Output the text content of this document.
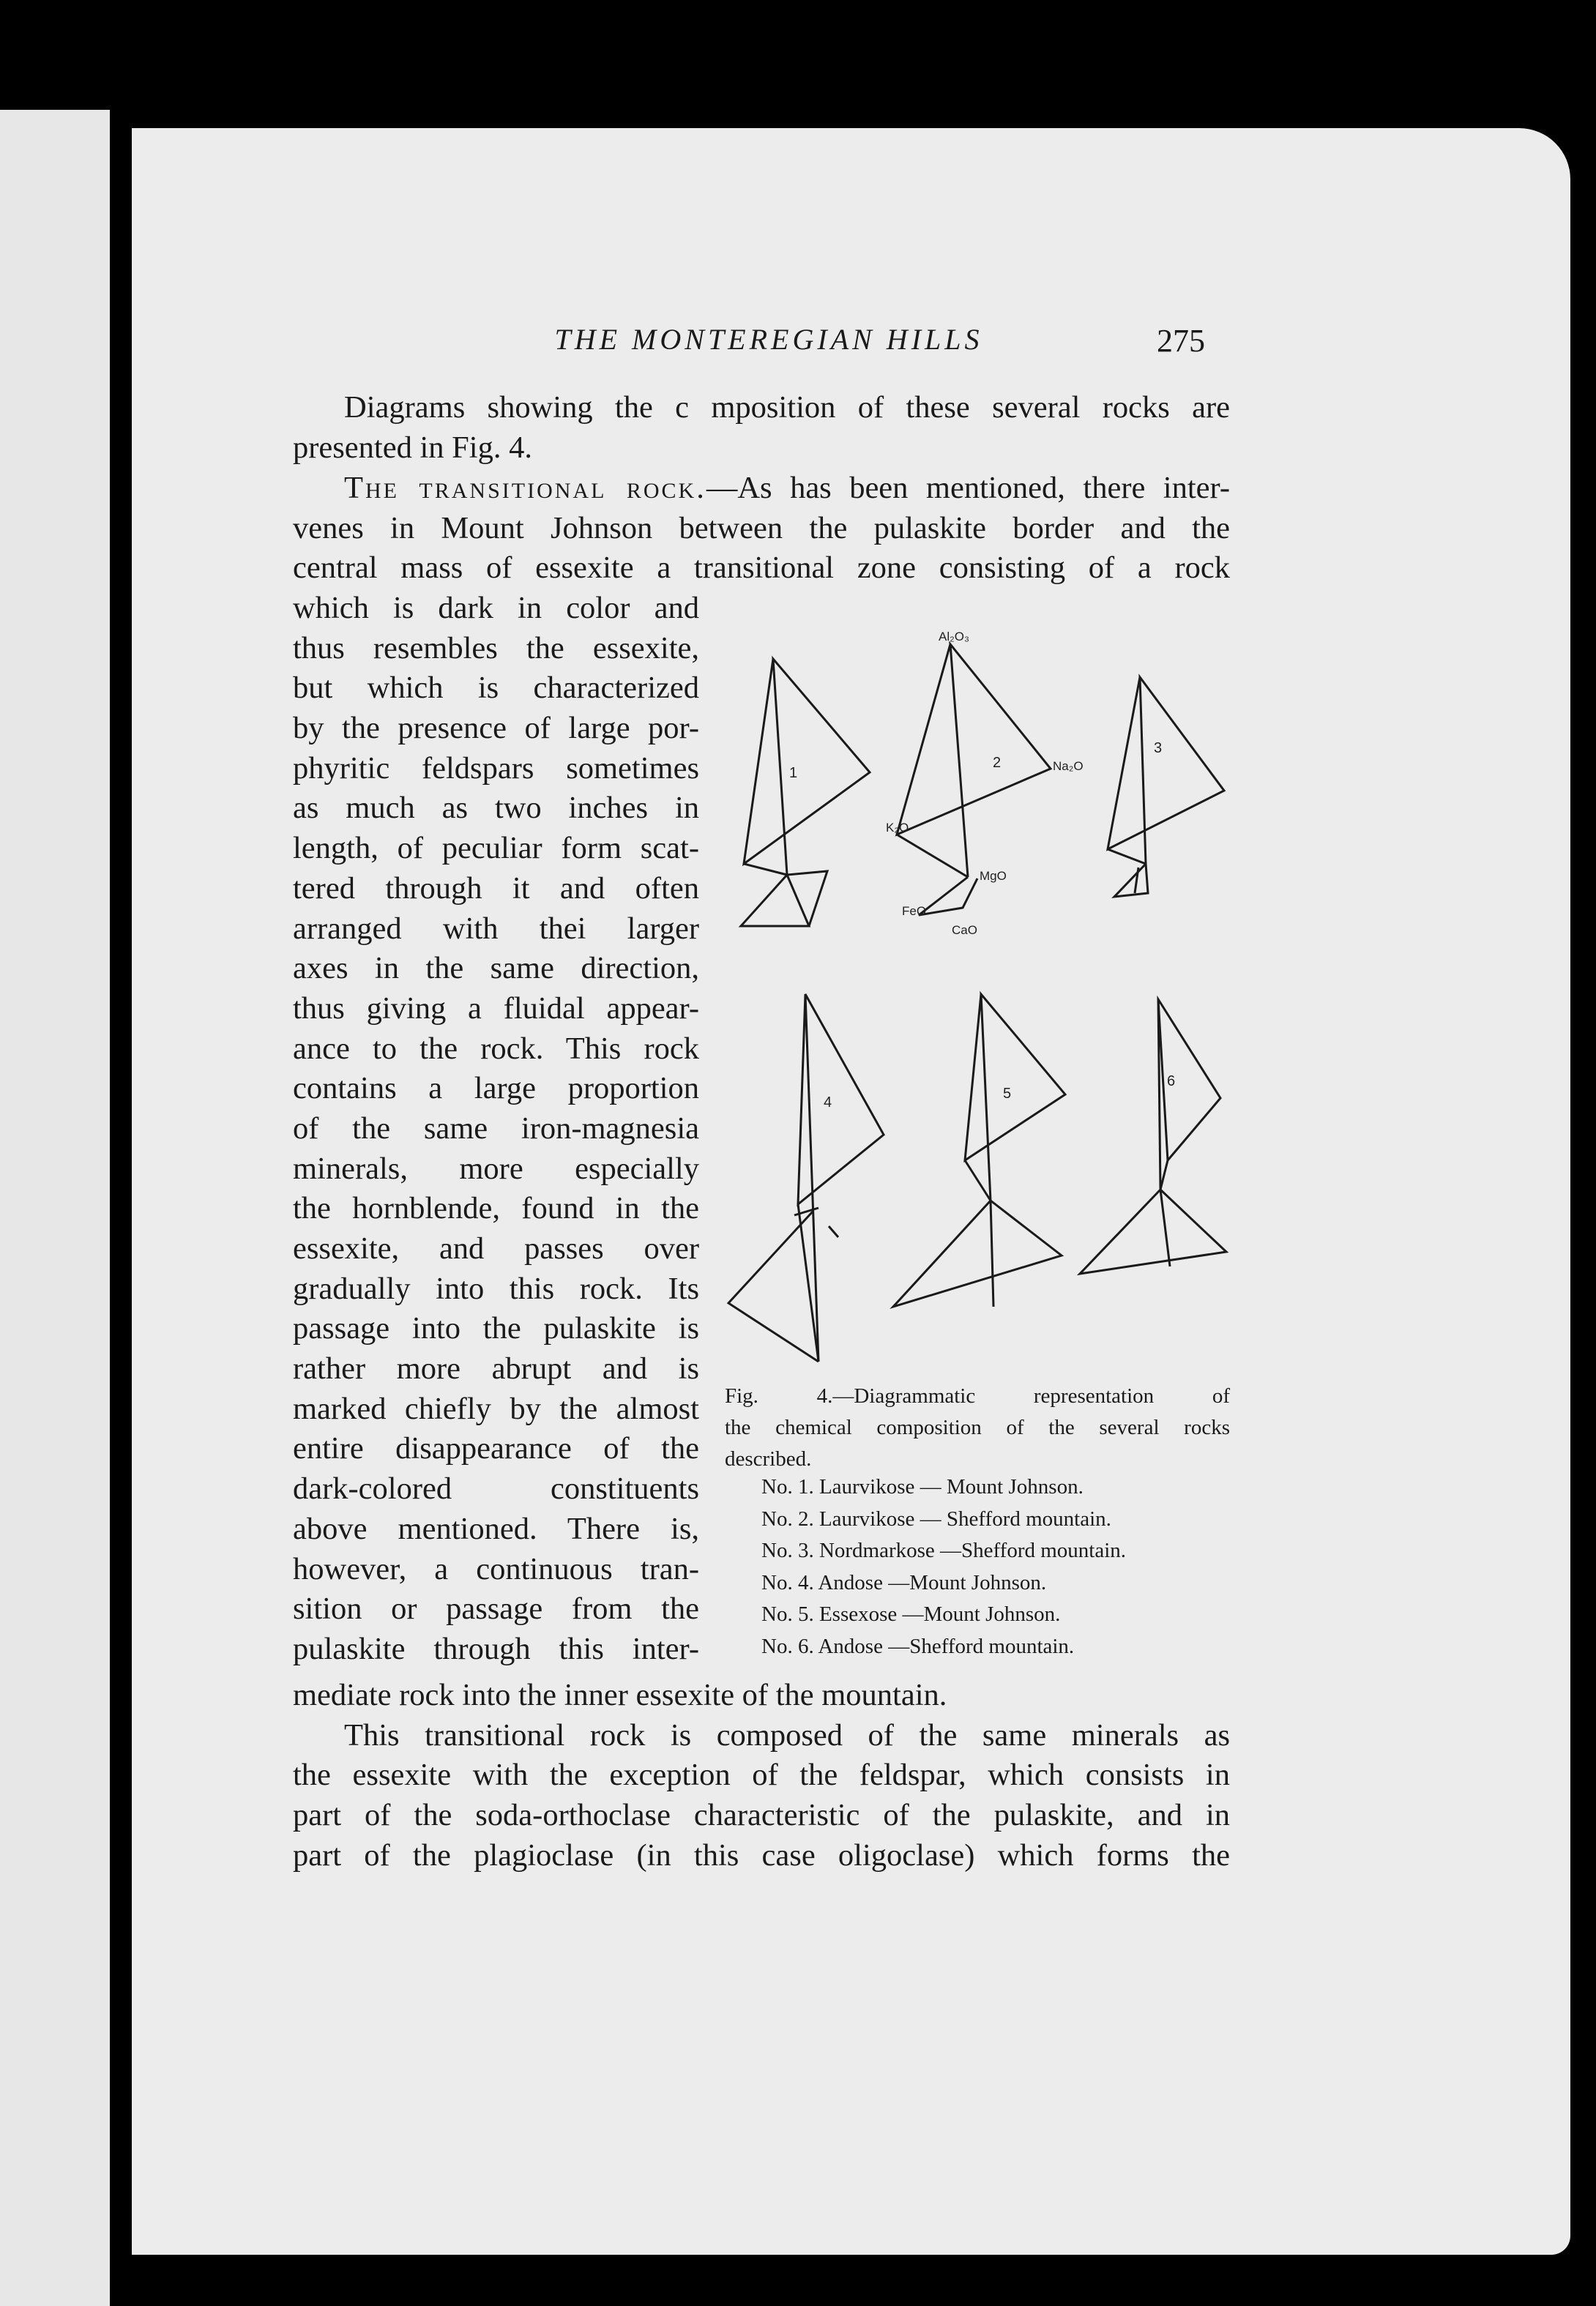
THE MONTEREGIAN HILLS	275

Diagrams showing the c mposition of these several rocks are
presented in Fig. 4.

The transitional rock.—As has been mentioned, there inter-
venes in Mount Johnson between the pulaskite border and the
central mass of essexite a transitional zone consisting of a rock

which is dark in color and
thus resembles the essexite,
but which is characterized
by the presence of large por-
phyritic feldspars sometimes
as much as two inches in
length, of peculiar form scat-
tered through it and often
arranged with thei larger
axes in the same direction,
thus giving a fluidal appear-
ance to the rock. This rock
contains a large proportion
of the same iron-magnesia
minerals, more especially
the hornblende, found in the
essexite, and passes over
gradually into this rock. Its
passage into the pulaskite is
rather more abrupt and is
marked chiefly by the almost
entire disappearance of the
dark-colored constituents
above mentioned. There is,
however, a continuous tran-
sition or passage from the
pulaskite through this inter-

mediate rock into the inner essexite of the mountain.
This transitional rock is composed of the same minerals as
the essexite with the exception of the feldspar, which consists in
part of the soda-orthoclase characteristic of the pulaskite, and in
part of the plagioclase (in this case oligoclase) which forms the

Al₂O₃
Na₂O
K₂O
MgO
FeO
CaO
1
2
3
4
5
6

Fig. 4.—Diagrammatic representation of
the chemical composition of the several rocks
described.

No. 1. Laurvikose — Mount Johnson.
No. 2. Laurvikose — Shefford mountain.
No. 3. Nordmarkose —Shefford mountain.
No. 4. Andose —Mount Johnson.
No. 5. Essexose —Mount Johnson.
No. 6. Andose —Shefford mountain.
